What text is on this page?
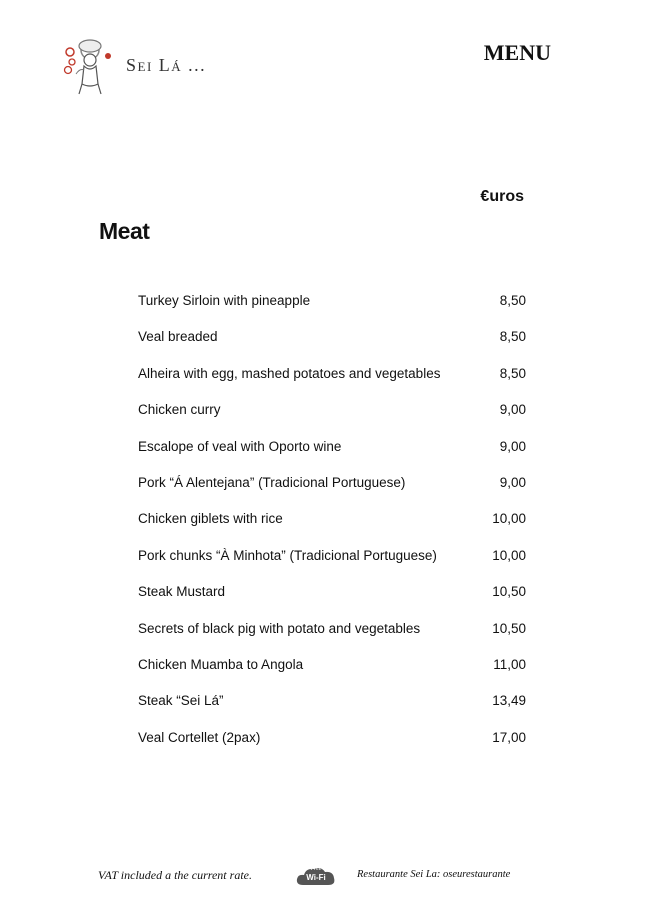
Sei Lá ...	MENU
€uros
Meat
Turkey Sirloin with pineapple	8,50
Veal breaded	8,50
Alheira with egg, mashed potatoes and vegetables	8,50
Chicken curry	9,00
Escalope of veal with Oporto wine	9,00
Pork “Á Alentejana” (Tradicional Portuguese)	9,00
Chicken giblets with rice	10,00
Pork chunks “À Minhota” (Tradicional Portuguese)	10,00
Steak Mustard	10,50
Secrets of black pig with potato and vegetables	10,50
Chicken Muamba to Angola	11,00
Steak “Sei Lá”	13,49
Veal Cortellet (2pax)	17,00
VAT included a the current rate.	Free
Wi-Fi	Restaurante Sei La: oseurestaurante
